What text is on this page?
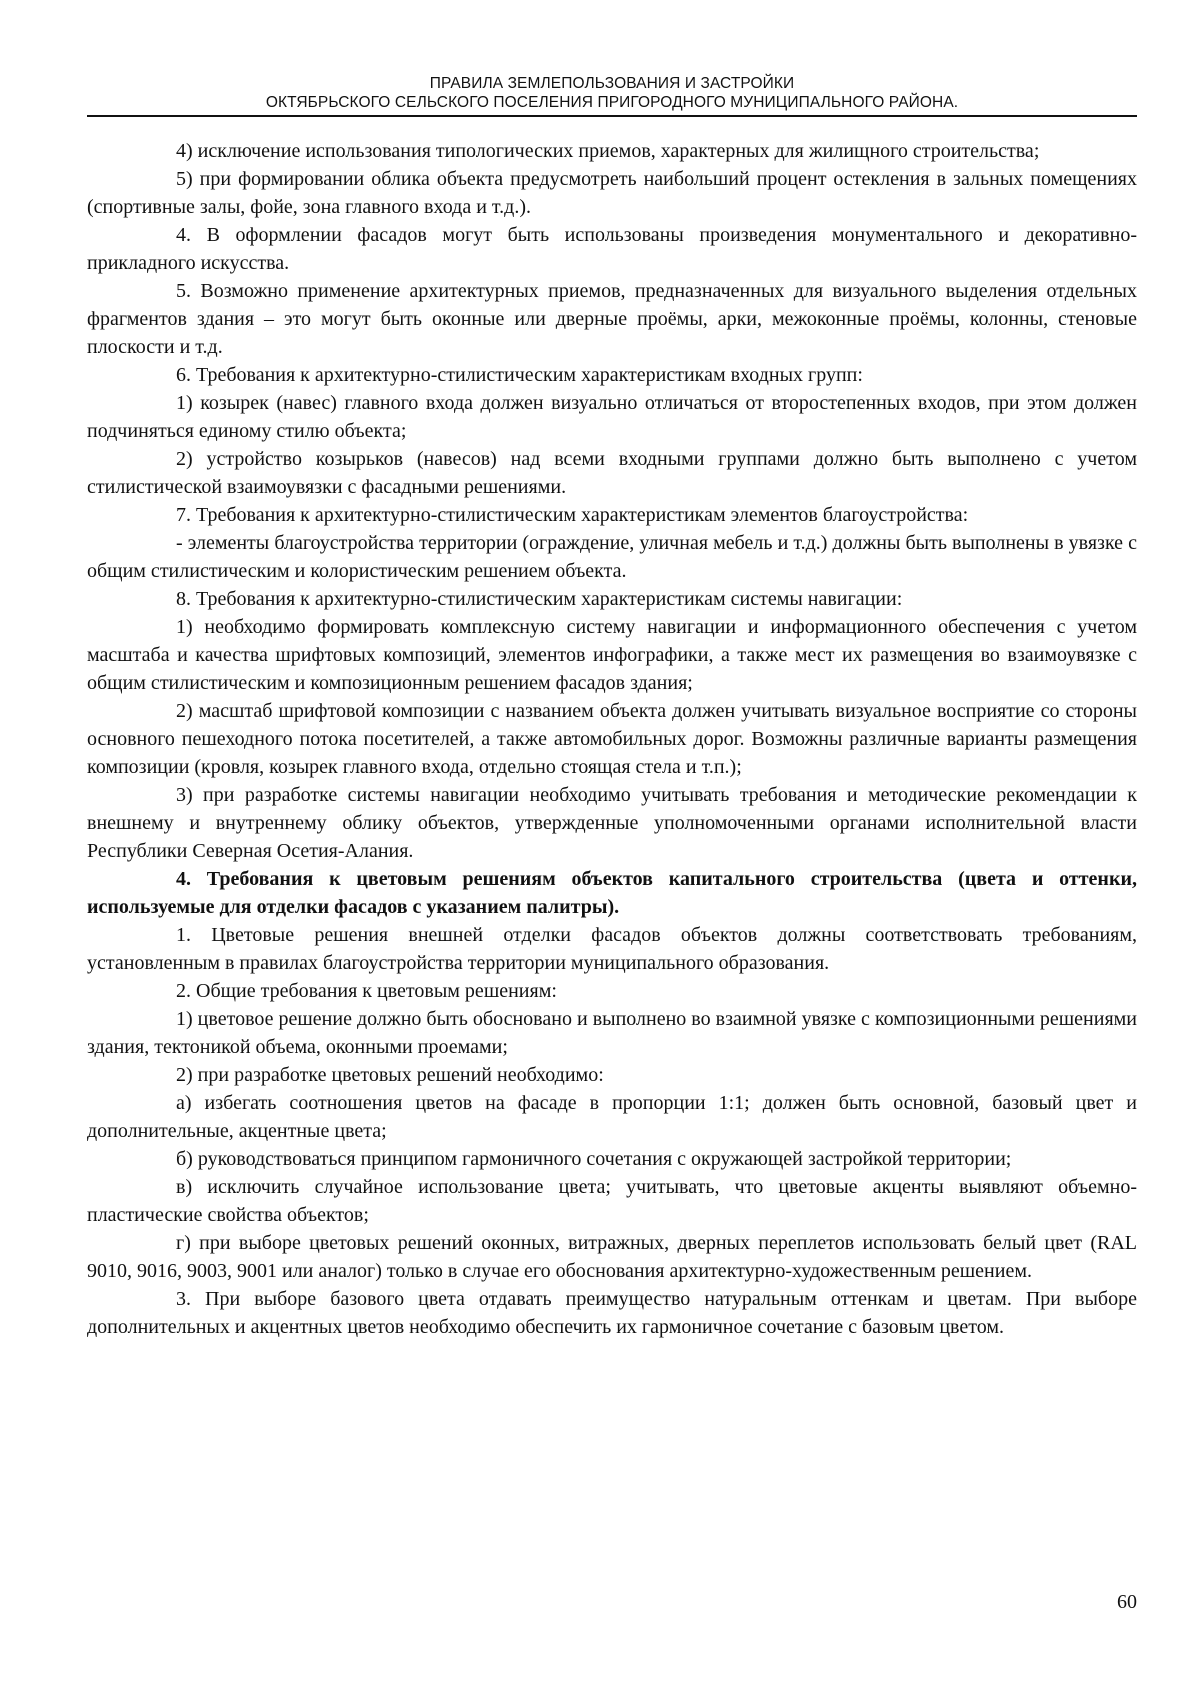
ПРАВИЛА ЗЕМЛЕПОЛЬЗОВАНИЯ И ЗАСТРОЙКИ
ОКТЯБРЬСКОГО СЕЛЬСКОГО ПОСЕЛЕНИЯ ПРИГОРОДНОГО МУНИЦИПАЛЬНОГО РАЙОНА.

4) исключение использования типологических приемов, характерных для жилищного строительства;

5) при формировании облика объекта предусмотреть наибольший процент остекления в зальных помещениях (спортивные залы, фойе, зона главного входа и т.д.).

4. В оформлении фасадов могут быть использованы произведения монументального и декоративно-прикладного искусства.

5. Возможно применение архитектурных приемов, предназначенных для визуального выделения отдельных фрагментов здания – это могут быть оконные или дверные проёмы, арки, межоконные проёмы, колонны, стеновые плоскости и т.д.

6. Требования к архитектурно-стилистическим характеристикам входных групп:

1) козырек (навес) главного входа должен визуально отличаться от второстепенных входов, при этом должен подчиняться единому стилю объекта;

2) устройство козырьков (навесов) над всеми входными группами должно быть выполнено с учетом стилистической взаимоувязки с фасадными решениями.

7. Требования к архитектурно-стилистическим характеристикам элементов благоустройства:

- элементы благоустройства территории (ограждение, уличная мебель и т.д.) должны быть выполнены в увязке с общим стилистическим и колористическим решением объекта.

8. Требования к архитектурно-стилистическим характеристикам системы навигации:

1) необходимо формировать комплексную систему навигации и информационного обеспечения с учетом масштаба и качества шрифтовых композиций, элементов инфографики, а также мест их размещения во взаимоувязке с общим стилистическим и композиционным решением фасадов здания;

2) масштаб шрифтовой композиции с названием объекта должен учитывать визуальное восприятие со стороны основного пешеходного потока посетителей, а также автомобильных дорог. Возможны различные варианты размещения композиции (кровля, козырек главного входа, отдельно стоящая стела и т.п.);

3) при разработке системы навигации необходимо учитывать требования и методические рекомендации к внешнему и внутреннему облику объектов, утвержденные уполномоченными органами исполнительной власти Республики Северная Осетия-Алания.

4. Требования к цветовым решениям объектов капитального строительства (цвета и оттенки, используемые для отделки фасадов с указанием палитры).

1. Цветовые решения внешней отделки фасадов объектов должны соответствовать требованиям, установленным в правилах благоустройства территории муниципального образования.

2. Общие требования к цветовым решениям:

1) цветовое решение должно быть обосновано и выполнено во взаимной увязке с композиционными решениями здания, тектоникой объема, оконными проемами;

2) при разработке цветовых решений необходимо:

а) избегать соотношения цветов на фасаде в пропорции 1:1; должен быть основной, базовый цвет и дополнительные, акцентные цвета;

б) руководствоваться принципом гармоничного сочетания с окружающей застройкой территории;

в) исключить случайное использование цвета; учитывать, что цветовые акценты выявляют объемно-пластические свойства объектов;

г) при выборе цветовых решений оконных, витражных, дверных переплетов использовать белый цвет (RAL 9010, 9016, 9003, 9001 или аналог) только в случае его обоснования архитектурно-художественным решением.

3. При выборе базового цвета отдавать преимущество натуральным оттенкам и цветам. При выборе дополнительных и акцентных цветов необходимо обеспечить их гармоничное сочетание с базовым цветом.

60
